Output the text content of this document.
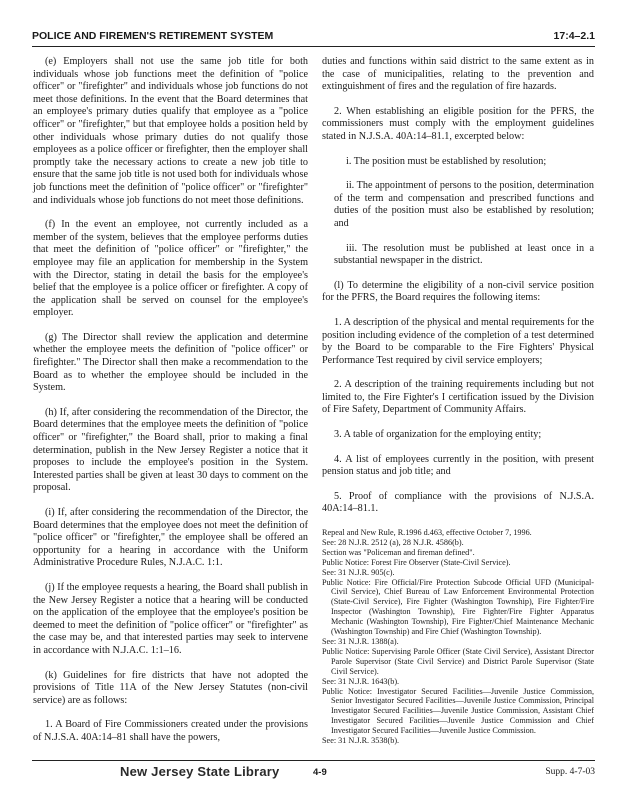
POLICE AND FIREMEN'S RETIREMENT SYSTEM	17:4–2.1

(e) Employers shall not use the same job title for both individuals whose job functions meet the definition of "police officer" or "firefighter" and individuals whose job functions do not meet those definitions. In the event that the Board determines that an employee's primary duties qualify that employee as a "police officer" or "firefighter," but that employee holds a position held by other individuals whose primary duties do not qualify those employees as a police officer or firefighter, then the employer shall promptly take the necessary actions to create a new job title to ensure that the same job title is not used both for individuals whose job functions meet the definition of "police officer" or "firefighter" and individuals whose job functions do not meet those definitions.

(f) In the event an employee, not currently included as a member of the system, believes that the employee performs duties that meet the definition of "police officer" or "firefighter," the employee may file an application for membership in the System with the Director, stating in detail the basis for the employee's belief that the employee is a police officer or firefighter. A copy of the application shall be served on counsel for the employee's employer.

(g) The Director shall review the application and determine whether the employee meets the definition of "police officer" or firefighter." The Director shall then make a recommendation to the Board as to whether the employee should be included in the System.

(h) If, after considering the recommendation of the Director, the Board determines that the employee meets the definition of "police officer" or "firefighter," the Board shall, prior to making a final determination, publish in the New Jersey Register a notice that it proposes to include the employee's position in the System. Interested parties shall be given at least 30 days to comment on the proposal.

(i) If, after considering the recommendation of the Director, the Board determines that the employee does not meet the definition of "police officer" or "firefighter," the employee shall be offered an opportunity for a hearing in accordance with the Uniform Administrative Procedure Rules, N.J.A.C. 1:1.

(j) If the employee requests a hearing, the Board shall publish in the New Jersey Register a notice that a hearing will be conducted on the application of the employee that the employee's position be deemed to meet the definition of "police officer" or "firefighter" as the case may be, and that interested parties may seek to intervene in accordance with N.J.A.C. 1:1–16.

(k) Guidelines for fire districts that have not adopted the provisions of Title 11A of the New Jersey Statutes (non-civil service) are as follows:

1. A Board of Fire Commissioners created under the provisions of N.J.S.A. 40A:14–81 shall have the powers,

duties and functions within said district to the same extent as in the case of municipalities, relating to the prevention and extinguishment of fires and the regulation of fire hazards.

2. When establishing an eligible position for the PFRS, the commissioners must comply with the employment guidelines stated in N.J.S.A. 40A:14–81.1, excerpted below:

i. The position must be established by resolution;

ii. The appointment of persons to the position, determination of the term and compensation and prescribed functions and duties of the position must also be established by resolution; and

iii. The resolution must be published at least once in a substantial newspaper in the district.

(l) To determine the eligibility of a non-civil service position for the PFRS, the Board requires the following items:

1. A description of the physical and mental requirements for the position including evidence of the completion of a test determined by the Board to be comparable to the Fire Fighters' Physical Performance Test required by civil service employers;

2. A description of the training requirements including but not limited to, the Fire Fighter's I certification issued by the Division of Fire Safety, Department of Community Affairs.

3. A table of organization for the employing entity;

4. A list of employees currently in the position, with present pension status and job title; and

5. Proof of compliance with the provisions of N.J.S.A. 40A:14–81.1.

Repeal and New Rule, R.1996 d.463, effective October 7, 1996.

See: 28 N.J.R. 2512 (a), 28 N.J.R. 4586(b).

Section was "Policeman and fireman defined".

Public Notice: Forest Fire Observer (State-Civil Service).

See: 31 N.J.R. 905(c).

Public Notice: Fire Official/Fire Protection Subcode Official UFD (Municipal-Civil Service), Chief Bureau of Law Enforcement Environmental Protection (State-Civil Service), Fire Fighter (Washington Township), Fire Fighter/Fire Inspector (Washington Township), Fire Fighter/Fire Fighter Apparatus Mechanic (Washington Township), Fire Fighter/Chief Maintenance Mechanic (Washington Township) and Fire Chief (Washington Township).

See: 31 N.J.R. 1388(a).

Public Notice: Supervising Parole Officer (State Civil Service), Assistant Director Parole Supervisor (State Civil Service) and District Parole Supervisor (State Civil Service).

See: 31 N.J.R. 1643(b).

Public Notice: Investigator Secured Facilities—Juvenile Justice Commission, Senior Investigator Secured Facilities—Juvenile Justice Commission, Principal Investigator Secured Facilities—Juvenile Justice Commission, Assistant Chief Investigator Secured Facilities—Juvenile Justice Commission and Chief Investigator Secured Facilities—Juvenile Justice Commission.

See: 31 N.J.R. 3538(b).

New Jersey State Library	4-9	Supp. 4-7-03
